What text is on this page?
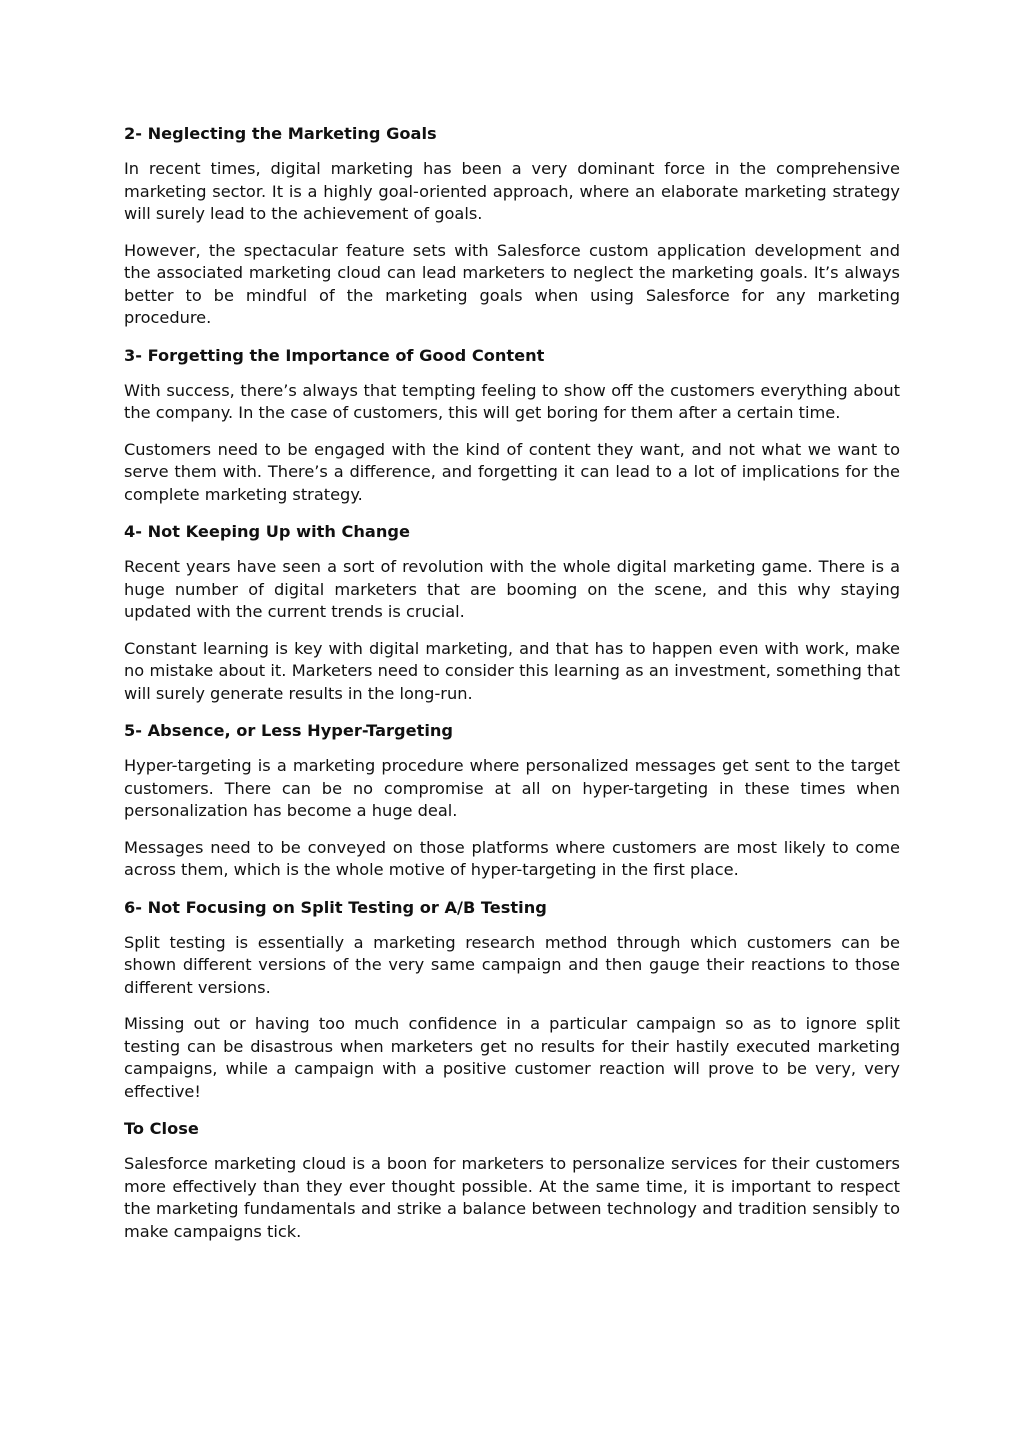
2- Neglecting the Marketing Goals

In recent times, digital marketing has been a very dominant force in the comprehensive marketing sector. It is a highly goal-oriented approach, where an elaborate marketing strategy will surely lead to the achievement of goals.

However, the spectacular feature sets with Salesforce custom application development and the associated marketing cloud can lead marketers to neglect the marketing goals. It’s always better to be mindful of the marketing goals when using Salesforce for any marketing procedure.

3- Forgetting the Importance of Good Content

With success, there’s always that tempting feeling to show off the customers everything about the company. In the case of customers, this will get boring for them after a certain time.

Customers need to be engaged with the kind of content they want, and not what we want to serve them with. There’s a difference, and forgetting it can lead to a lot of implications for the complete marketing strategy.

4- Not Keeping Up with Change

Recent years have seen a sort of revolution with the whole digital marketing game. There is a huge number of digital marketers that are booming on the scene, and this why staying updated with the current trends is crucial.

Constant learning is key with digital marketing, and that has to happen even with work, make no mistake about it. Marketers need to consider this learning as an investment, something that will surely generate results in the long-run.

5- Absence, or Less Hyper-Targeting

Hyper-targeting is a marketing procedure where personalized messages get sent to the target customers. There can be no compromise at all on hyper-targeting in these times when personalization has become a huge deal.

Messages need to be conveyed on those platforms where customers are most likely to come across them, which is the whole motive of hyper-targeting in the first place.

6- Not Focusing on Split Testing or A/B Testing

Split testing is essentially a marketing research method through which customers can be shown different versions of the very same campaign and then gauge their reactions to those different versions.

Missing out or having too much confidence in a particular campaign so as to ignore split testing can be disastrous when marketers get no results for their hastily executed marketing campaigns, while a campaign with a positive customer reaction will prove to be very, very effective!

To Close

Salesforce marketing cloud is a boon for marketers to personalize services for their customers more effectively than they ever thought possible. At the same time, it is important to respect the marketing fundamentals and strike a balance between technology and tradition sensibly to make campaigns tick.
